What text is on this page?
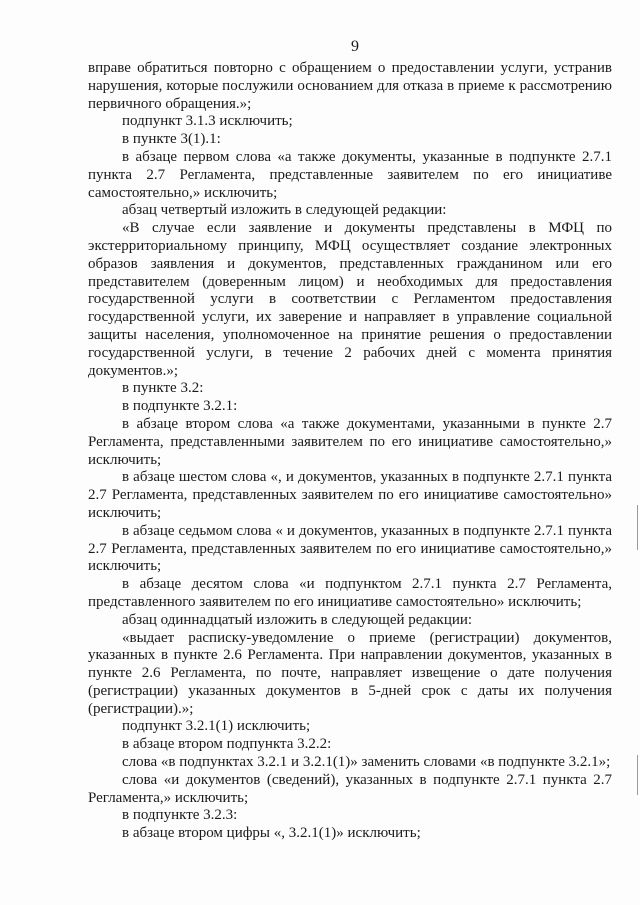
9

вправе обратиться повторно с обращением о предоставлении услуги, устранив нарушения, которые послужили основанием для отказа в приеме к рассмотрению первичного обращения.»;

подпункт 3.1.3 исключить;

в пункте 3(1).1:

в абзаце первом слова «а также документы, указанные в подпункте 2.7.1 пункта 2.7 Регламента, представленные заявителем по его инициативе самостоятельно,» исключить;

абзац четвертый изложить в следующей редакции:

«В случае если заявление и документы представлены в МФЦ по экстерриториальному принципу, МФЦ осуществляет создание электронных образов заявления и документов, представленных гражданином или его представителем (доверенным лицом) и необходимых для предоставления государственной услуги в соответствии с Регламентом предоставления государственной услуги, их заверение и направляет в управление социальной защиты населения, уполномоченное на принятие решения о предоставлении государственной услуги, в течение 2 рабочих дней с момента принятия документов.»;

в пункте 3.2:

в подпункте 3.2.1:

в абзаце втором слова «а также документами, указанными в пункте 2.7 Регламента, представленными заявителем по его инициативе самостоятельно,» исключить;

в абзаце шестом слова «, и документов, указанных в подпункте 2.7.1 пункта 2.7 Регламента, представленных заявителем по его инициативе самостоятельно» исключить;

в абзаце седьмом слова « и документов, указанных в подпункте 2.7.1 пункта 2.7 Регламента, представленных заявителем по его инициативе самостоятельно,» исключить;

в абзаце десятом слова «и подпунктом 2.7.1 пункта 2.7 Регламента, представленного заявителем по его инициативе самостоятельно» исключить;

абзац одиннадцатый изложить в следующей редакции:

«выдает расписку-уведомление о приеме (регистрации) документов, указанных в пункте 2.6 Регламента. При направлении документов, указанных в пункте 2.6 Регламента, по почте, направляет извещение о дате получения (регистрации) указанных документов в 5-дней срок с даты их получения (регистрации).»;

подпункт 3.2.1(1) исключить;

в абзаце втором подпункта 3.2.2:

слова «в подпунктах 3.2.1 и 3.2.1(1)» заменить словами «в подпункте 3.2.1»;

слова «и документов (сведений), указанных в подпункте 2.7.1 пункта 2.7 Регламента,» исключить;

в подпункте 3.2.3:

в абзаце втором цифры «, 3.2.1(1)» исключить;
